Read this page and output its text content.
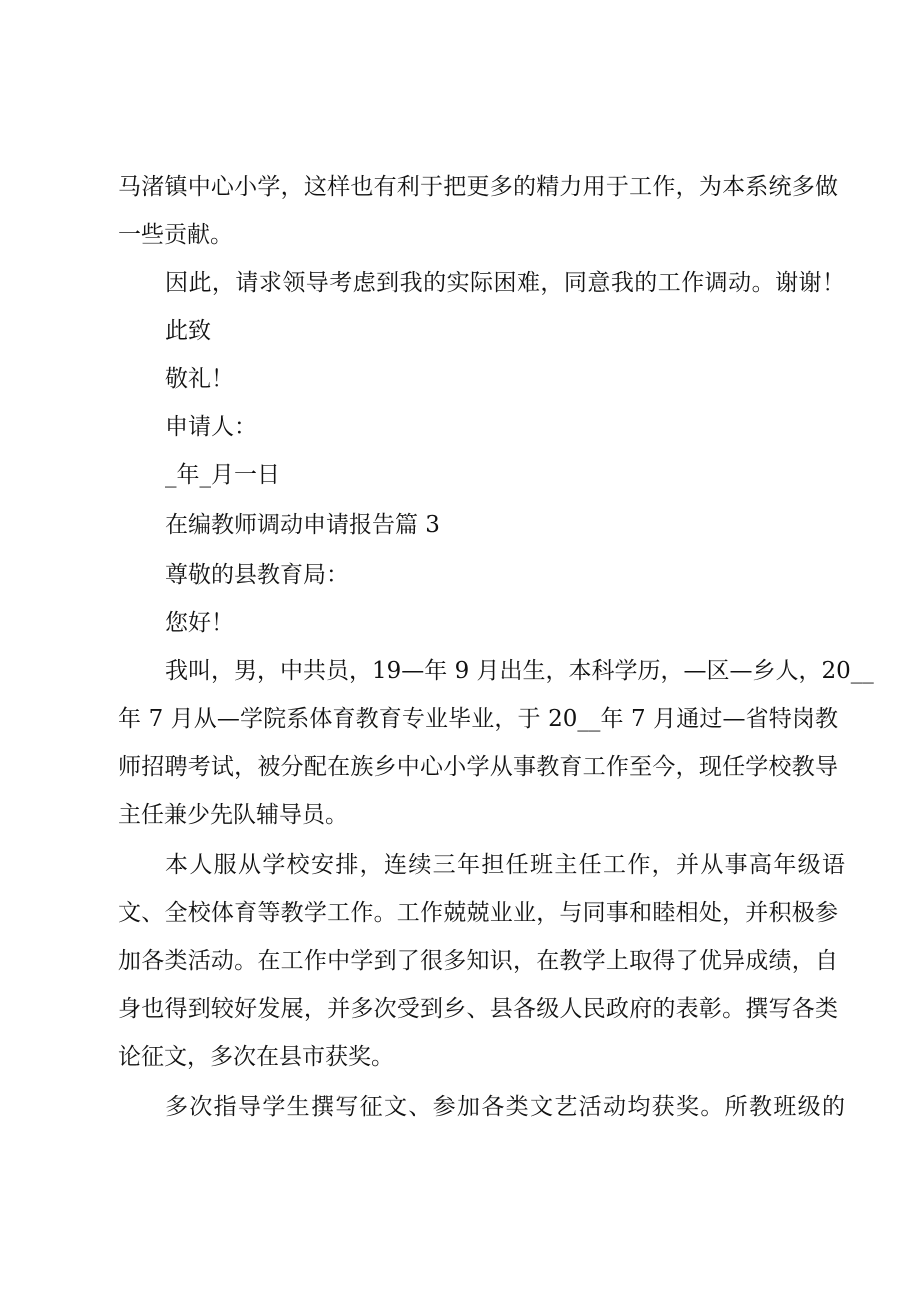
马渚镇中心小学，这样也有利于把更多的精力用于工作，为本系统多做
一些贡献。
因此，请求领导考虑到我的实际困难，同意我的工作调动。谢谢！
此致
敬礼！
申请人：
_年_月一日
在编教师调动申请报告篇 3
尊敬的县教育局：
您好！
我叫，男，中共员，19—年 9 月出生，本科学历，—区—乡人，20__
年 7 月从—学院系体育教育专业毕业，于 20__年 7 月通过—省特岗教
师招聘考试，被分配在族乡中心小学从事教育工作至今，现任学校教导
主任兼少先队辅导员。
本人服从学校安排，连续三年担任班主任工作，并从事高年级语
文、全校体育等教学工作。工作兢兢业业，与同事和睦相处，并积极参
加各类活动。在工作中学到了很多知识，在教学上取得了优异成绩，自
身也得到较好发展，并多次受到乡、县各级人民政府的表彰。撰写各类
论征文，多次在县市获奖。
多次指导学生撰写征文、参加各类文艺活动均获奖。所教班级的
